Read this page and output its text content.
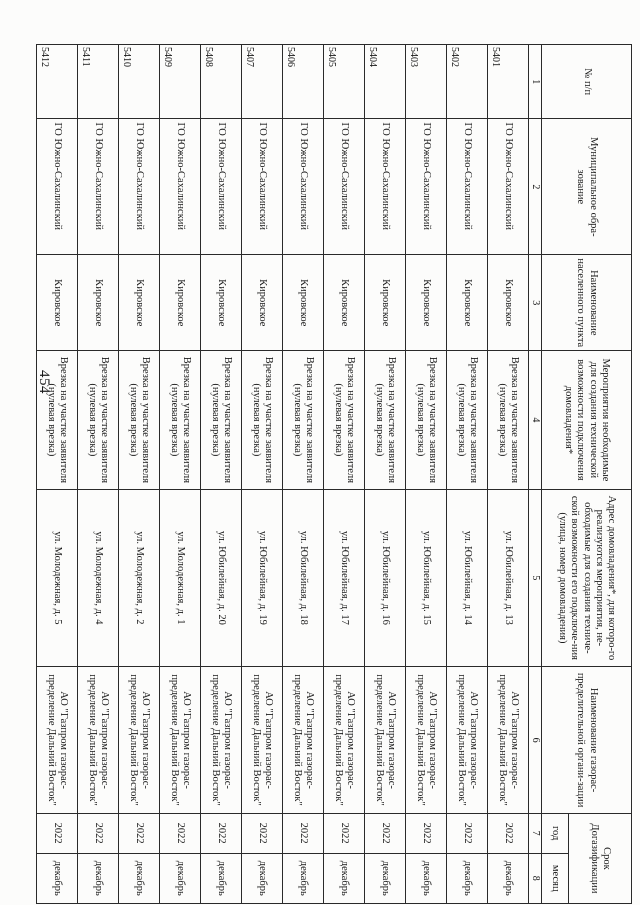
454
№ п/п	Муниципальное обра-зование	Наименование населенного пункта	Мероприятия необходимые для создания технической возможности подключения домовладения*	Адрес домовладения*, для которо-го реализуются мероприятия, не-обходимые для создания техниче-ской возможности его подключе-ния (улица, номер домовладения)	Наименование газорас-пределительной органи-зации	Срок Догазификации	
						год	месяц
1	2	3	4	5	6	7	8
5401	ГО Южно-Сахалинский	Кировское	Врезка на участке заявителя (нулевая врезка)	ул. Юбилейная, д. 13	АО "Газпром газорас-пределение Дальний Восток"	2022	декабрь
5402	ГО Южно-Сахалинский	Кировское	Врезка на участке заявителя (нулевая врезка)	ул. Юбилейная, д. 14	АО "Газпром газорас-пределение Дальний Восток"	2022	декабрь
5403	ГО Южно-Сахалинский	Кировское	Врезка на участке заявителя (нулевая врезка)	ул. Юбилейная, д. 15	АО "Газпром газорас-пределение Дальний Восток"	2022	декабрь
5404	ГО Южно-Сахалинский	Кировское	Врезка на участке заявителя (нулевая врезка)	ул. Юбилейная, д. 16	АО "Газпром газорас-пределение Дальний Восток"	2022	декабрь
5405	ГО Южно-Сахалинский	Кировское	Врезка на участке заявителя (нулевая врезка)	ул. Юбилейная, д. 17	АО "Газпром газорас-пределение Дальний Восток"	2022	декабрь
5406	ГО Южно-Сахалинский	Кировское	Врезка на участке заявителя (нулевая врезка)	ул. Юбилейная, д. 18	АО "Газпром газорас-пределение Дальний Восток"	2022	декабрь
5407	ГО Южно-Сахалинский	Кировское	Врезка на участке заявителя (нулевая врезка)	ул. Юбилейная, д. 19	АО "Газпром газорас-пределение Дальний Восток"	2022	декабрь
5408	ГО Южно-Сахалинский	Кировское	Врезка на участке заявителя (нулевая врезка)	ул. Юбилейная, д. 20	АО "Газпром газорас-пределение Дальний Восток"	2022	декабрь
5409	ГО Южно-Сахалинский	Кировское	Врезка на участке заявителя (нулевая врезка)	ул. Молодежная, д. 1	АО "Газпром газорас-пределение Дальний Восток"	2022	декабрь
5410	ГО Южно-Сахалинский	Кировское	Врезка на участке заявителя (нулевая врезка)	ул. Молодежная, д. 2	АО "Газпром газорас-пределение Дальний Восток"	2022	декабрь
5411	ГО Южно-Сахалинский	Кировское	Врезка на участке заявителя (нулевая врезка)	ул. Молодежная, д. 4	АО "Газпром газорас-пределение Дальний Восток"	2022	декабрь
5412	ГО Южно-Сахалинский	Кировское	Врезка на участке заявителя (нулевая врезка)	ул. Молодежная, д. 5	АО "Газпром газорас-пределение Дальний Восток"	2022	декабрь
